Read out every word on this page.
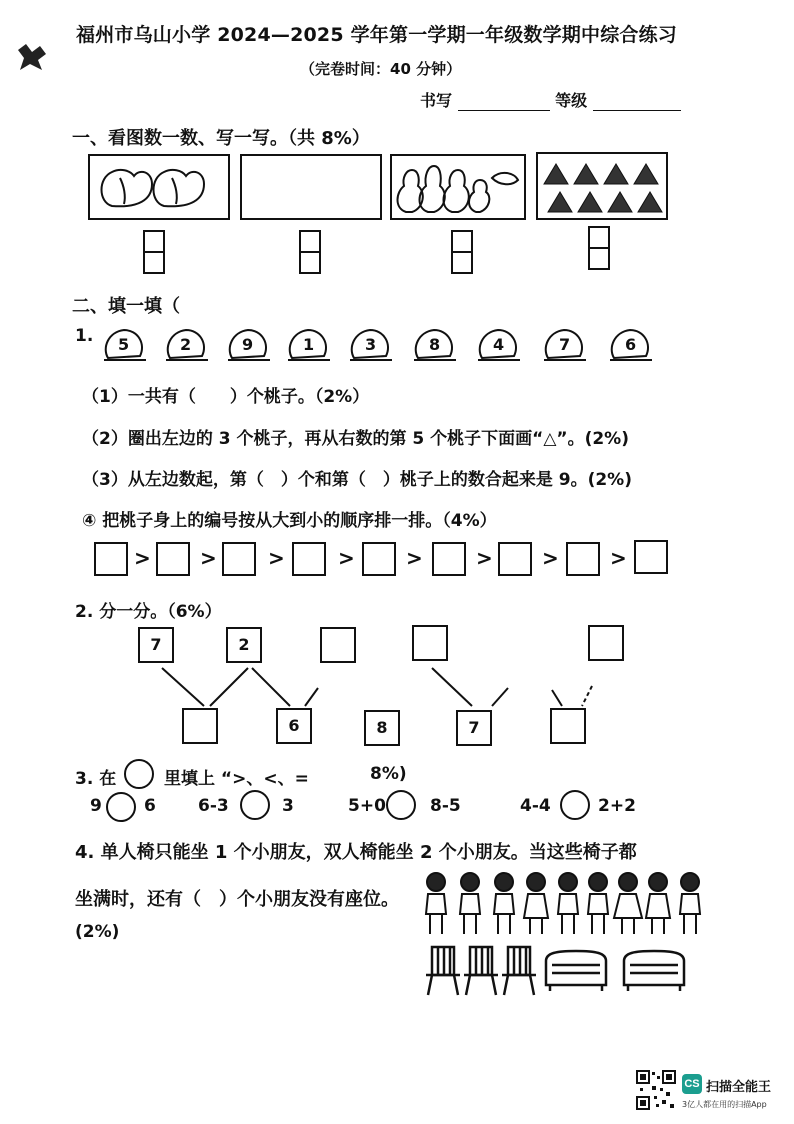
福州市乌山小学 2024—2025 学年第一学期一年级数学期中综合练习
（完卷时间：40 分钟）
书写	等级
一、看图数一数、写一写。（共 8%）
二、填一填（
1. 5	2	9	1	3	8	4	7	6
（1）一共有（　　）个桃子。（2%）
（2）圈出左边的 3 个桃子，再从右数的第 5 个桃子下面画“△”。(2%)
（3）从左边数起，第（　）个和第（　）桃子上的数合起来是 9。(2%)
④ 把桃子身上的编号按从大到小的顺序排一排。（4%）
> >	>	>	>	> >	>
2. 分一分。（6%）
7	2
6	8	7
3. 在	里填上 “>、<、=	8%)
9 6 6-3	3	5+0	8-5	4-4	2+2
4. 单人椅只能坐 1 个小朋友，双人椅能坐 2 个小朋友。当这些椅子都
坐满时，还有（　）个小朋友没有座位。
(2%)
CS 扫描全能王
3亿人都在用的扫描App
